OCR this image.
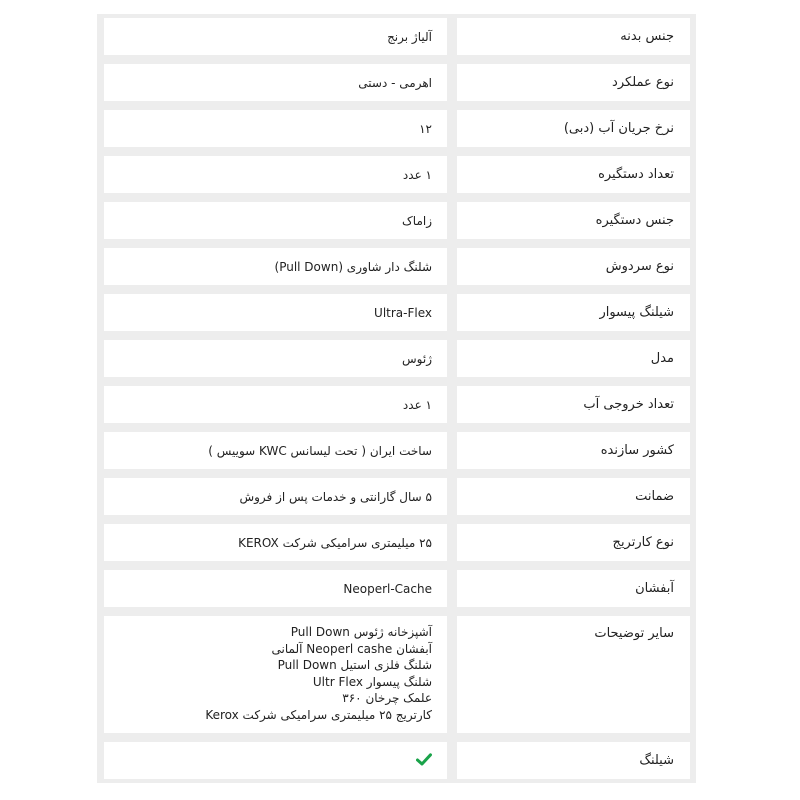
جنس بدنه
آلیاژ برنج
نوع عملکرد
اهرمی - دستی
نرخ جریان آب (دبی)
۱۲
تعداد دستگیره
۱ عدد
جنس دستگیره
زاماک
نوع سردوش
شلنگ دار شاوری (Pull Down)
شیلنگ پیسوار
Ultra-Flex
مدل
ژئوس
تعداد خروجی آب
۱ عدد
کشور سازنده
ساخت ایران ( تحت لیسانس KWC سوییس )
ضمانت
۵ سال گارانتی و خدمات پس از فروش
نوع کارتریج
۲۵ میلیمتری سرامیکی شرکت KEROX
آبفشان
Neoperl-Cache
سایر توضیحات
آشپزخانه ژئوس Pull Down
آبفشان Neoperl cashe آلمانی
شلنگ فلزی استیل Pull Down
شلنگ پیسوار Ultr Flex
علمک چرخان ۳۶۰
کارتریج ۲۵ میلیمتری سرامیکی شرکت Kerox
شیلنگ
